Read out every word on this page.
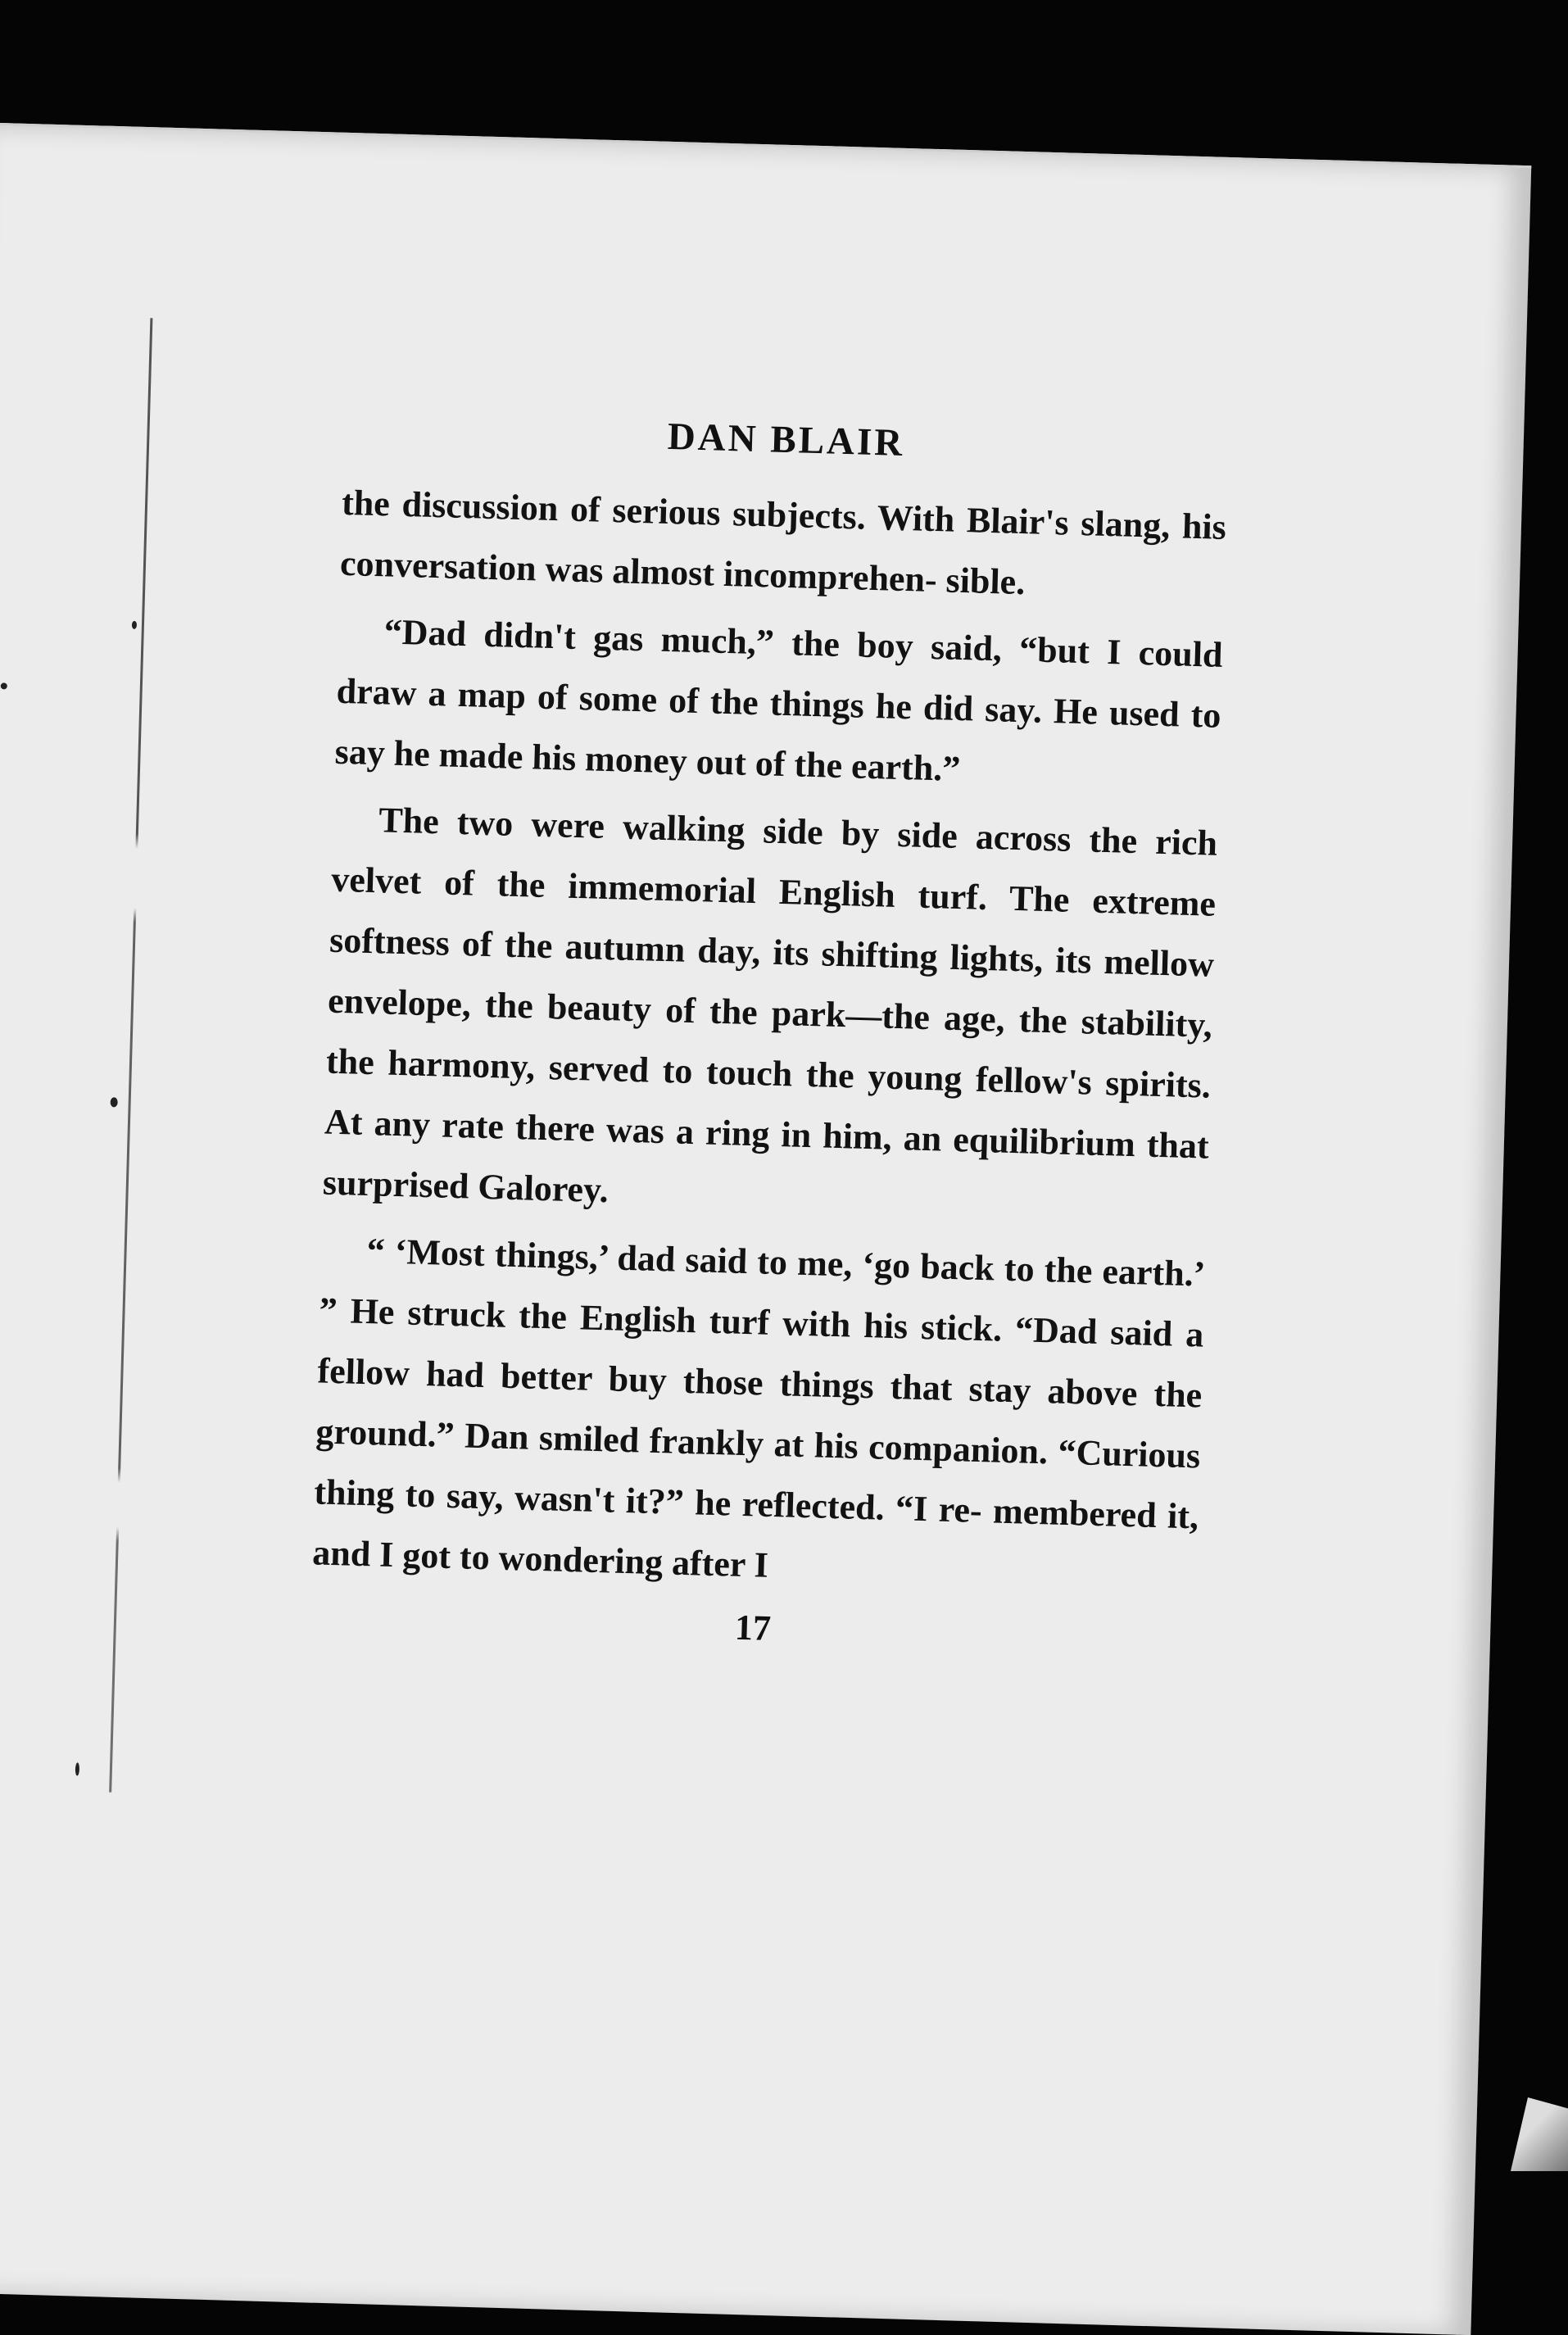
DAN BLAIR

the discussion of serious subjects. With Blair's slang, his conversation was almost incomprehen- sible.

“Dad didn't gas much,” the boy said, “but I could draw a map of some of the things he did say. He used to say he made his money out of the earth.”

The two were walking side by side across the rich velvet of the immemorial English turf. The extreme softness of the autumn day, its shifting lights, its mellow envelope, the beauty of the park—the age, the stability, the harmony, served to touch the young fellow's spirits. At any rate there was a ring in him, an equilibrium that surprised Galorey.

“ ‘Most things,’ dad said to me, ‘go back to the earth.’ ” He struck the English turf with his stick. “Dad said a fellow had better buy those things that stay above the ground.” Dan smiled frankly at his companion. “Curious thing to say, wasn't it?” he reflected. “I re- membered it, and I got to wondering after I

17
